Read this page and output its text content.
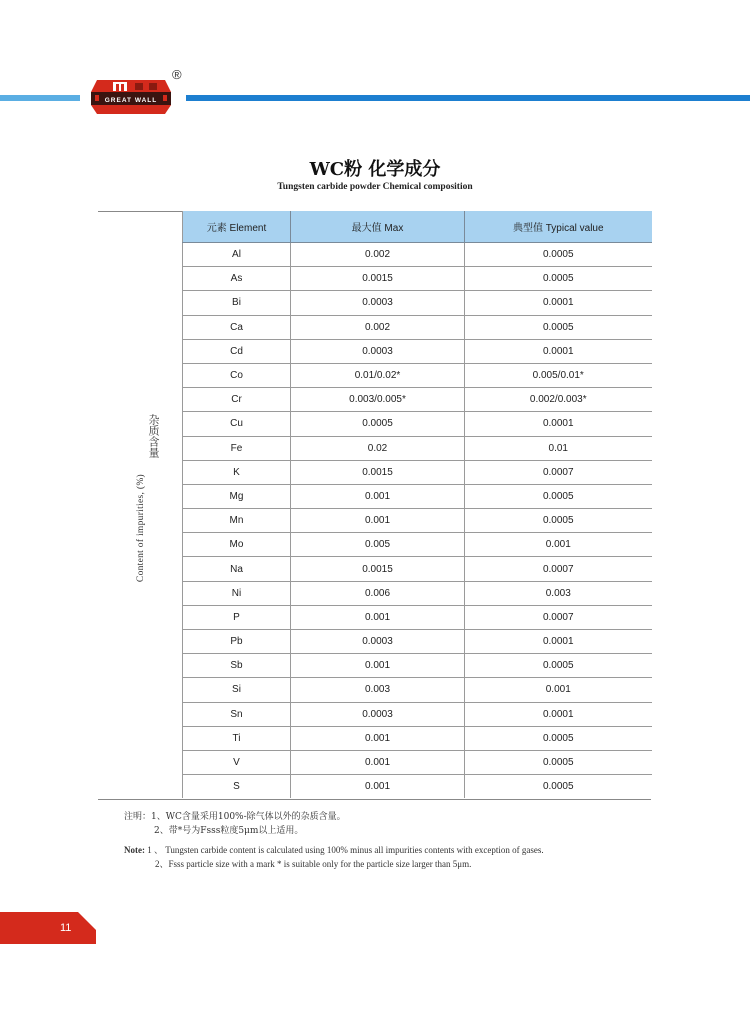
GREAT WALL
®
WC粉 化学成分
Tungsten carbide powder Chemical composition
杂质含量
Content of impurities, (%)
元素 Element	最大值 Max	典型值 Typical value
Al	0.002	0.0005
As	0.0015	0.0005
Bi	0.0003	0.0001
Ca	0.002	0.0005
Cd	0.0003	0.0001
Co	0.01/0.02*	0.005/0.01*
Cr	0.003/0.005*	0.002/0.003*
Cu	0.0005	0.0001
Fe	0.02	0.01
K	0.0015	0.0007
Mg	0.001	0.0005
Mn	0.001	0.0005
Mo	0.005	0.001
Na	0.0015	0.0007
Ni	0.006	0.003
P	0.001	0.0007
Pb	0.0003	0.0001
Sb	0.001	0.0005
Si	0.003	0.001
Sn	0.0003	0.0001
Ti	0.001	0.0005
V	0.001	0.0005
S	0.001	0.0005
注明：1、WC含量采用100%-除气体以外的杂质含量。
2、带*号为Fsss粒度5μm以上适用。
Note: 1 、 Tungsten carbide content is calculated using 100% minus all impurities contents with exception of gases.
2、Fsss particle size with a mark * is suitable only for the particle size larger than 5μm.
11
